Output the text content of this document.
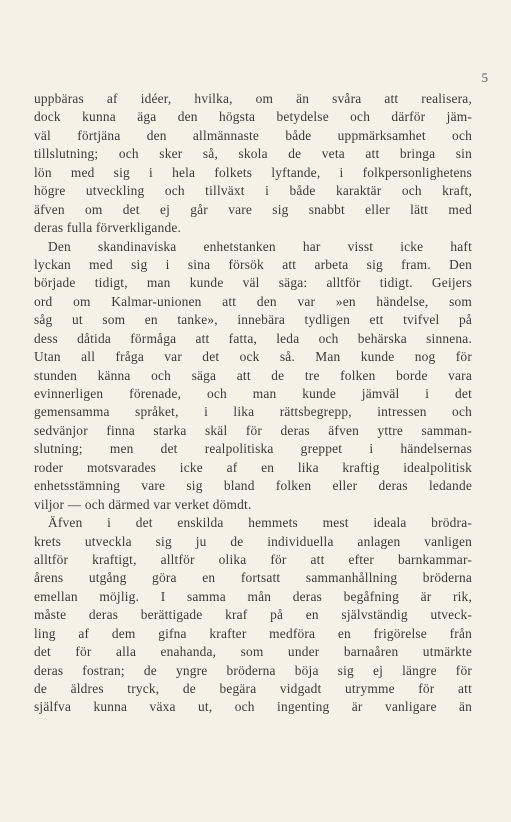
5
uppbäras af idéer, hvilka, om än svåra att realisera,
dock kunna äga den högsta betydelse och därför jäm-
väl förtjäna den allmännaste både uppmärksamhet och
tillslutning; och sker så, skola de veta att bringa sin
lön med sig i hela folkets lyftande, i folkpersonlighetens
högre utveckling och tillväxt i både karaktär och kraft,
äfven om det ej går vare sig snabbt eller lätt med
deras fulla förverkligande.
Den skandinaviska enhetstanken har visst icke haft
lyckan med sig i sina försök att arbeta sig fram. Den
började tidigt, man kunde väl säga: alltför tidigt. Geijers
ord om Kalmar-unionen att den var »en händelse, som
såg ut som en tanke», innebära tydligen ett tvifvel på
dess dåtida förmåga att fatta, leda och behärska sinnena.
Utan all fråga var det ock så. Man kunde nog för
stunden känna och säga att de tre folken borde vara
evinnerligen förenade, och man kunde jämväl i det
gemensamma språket, i lika rättsbegrepp, intressen och
sedvänjor finna starka skäl för deras äfven yttre samman-
slutning; men det realpolitiska greppet i händelsernas
roder motsvarades icke af en lika kraftig idealpolitisk
enhetsstämning vare sig bland folken eller deras ledande
viljor — och därmed var verket dömdt.
Äfven i det enskilda hemmets mest ideala brödra-
krets utveckla sig ju de individuella anlagen vanligen
alltför kraftigt, alltför olika för att efter barnkammar-
årens utgång göra en fortsatt sammanhållning bröderna
emellan möjlig. I samma mån deras begåfning är rik,
måste deras berättigade kraf på en självständig utveck-
ling af dem gifna krafter medföra en frigörelse från
det för alla enahanda, som under barnaåren utmärkte
deras fostran; de yngre bröderna böja sig ej längre för
de äldres tryck, de begära vidgadt utrymme för att
själfva kunna växa ut, och ingenting är vanligare än
